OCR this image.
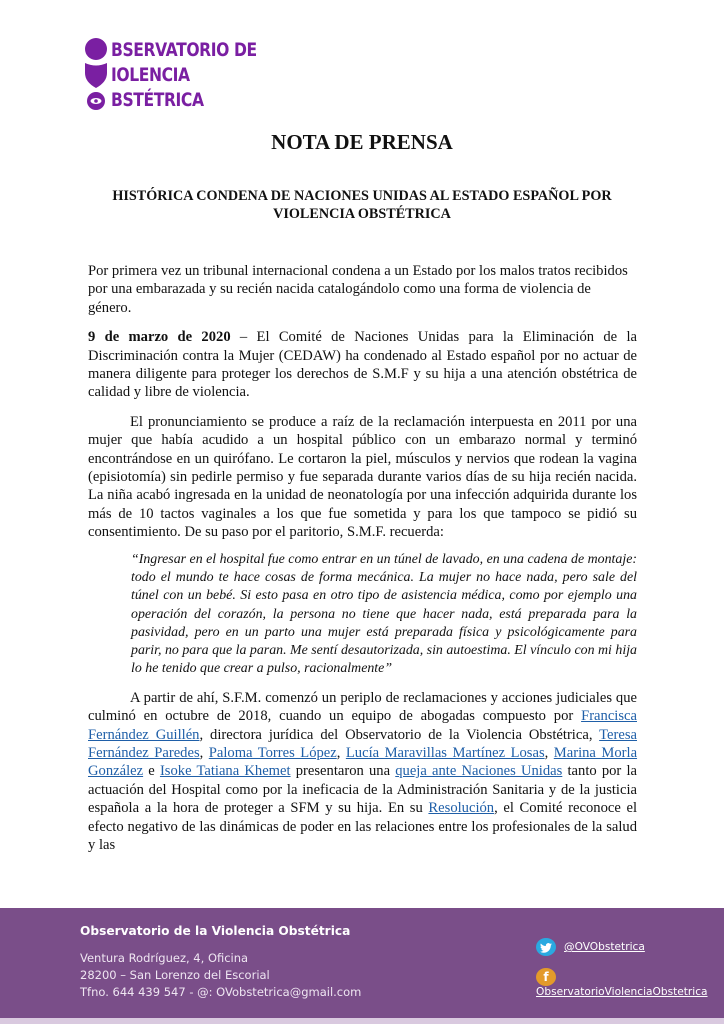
BSERVATORIO DE
IOLENCIA
BSTÉTRICA
NOTA DE PRENSA
HISTÓRICA CONDENA DE NACIONES UNIDAS AL ESTADO ESPAÑOL POR VIOLENCIA OBSTÉTRICA

Por primera vez un tribunal internacional condena a un Estado por los malos tratos recibidos por una embarazada y su recién nacida catalogándolo como una forma de violencia de género.

9 de marzo de 2020 – El Comité de Naciones Unidas para la Eliminación de la Discriminación contra la Mujer (CEDAW) ha condenado al Estado español por no actuar de manera diligente para proteger los derechos de S.M.F y su hija a una atención obstétrica de calidad y libre de violencia.

El pronunciamiento se produce a raíz de la reclamación interpuesta en 2011 por una mujer que había acudido a un hospital público con un embarazo normal y terminó encontrándose en un quirófano. Le cortaron la piel, músculos y nervios que rodean la vagina (episiotomía) sin pedirle permiso y fue separada durante varios días de su hija recién nacida. La niña acabó ingresada en la unidad de neonatología por una infección adquirida durante los más de 10 tactos vaginales a los que fue sometida y para los que tampoco se pidió su consentimiento. De su paso por el paritorio, S.M.F. recuerda:

“Ingresar en el hospital fue como entrar en un túnel de lavado, en una cadena de montaje: todo el mundo te hace cosas de forma mecánica. La mujer no hace nada, pero sale del túnel con un bebé. Si esto pasa en otro tipo de asistencia médica, como por ejemplo una operación del corazón, la persona no tiene que hacer nada, está preparada para la pasividad, pero en un parto una mujer está preparada física y psicológicamente para parir, no para que la paran. Me sentí desautorizada, sin autoestima. El vínculo con mi hija lo he tenido que crear a pulso, racionalmente”

A partir de ahí, S.F.M. comenzó un periplo de reclamaciones y acciones judiciales que culminó en octubre de 2018, cuando un equipo de abogadas compuesto por Francisca Fernández Guillén, directora jurídica del Observatorio de la Violencia Obstétrica, Teresa Fernández Paredes, Paloma Torres López, Lucía Maravillas Martínez Losas, Marina Morla González e Isoke Tatiana Khemet presentaron una queja ante Naciones Unidas tanto por la actuación del Hospital como por la ineficacia de la Administración Sanitaria y de la justicia española a la hora de proteger a SFM y su hija. En su Resolución, el Comité reconoce el efecto negativo de las dinámicas de poder en las relaciones entre los profesionales de la salud y las

Observatorio de la Violencia Obstétrica
Ventura Rodríguez, 4, Oficina
28200 – San Lorenzo del Escorial
Tfno. 644 439 547 - @: OVobstetrica@gmail.com
@OVObstetrica
fObservatorioViolenciaObstetrica
